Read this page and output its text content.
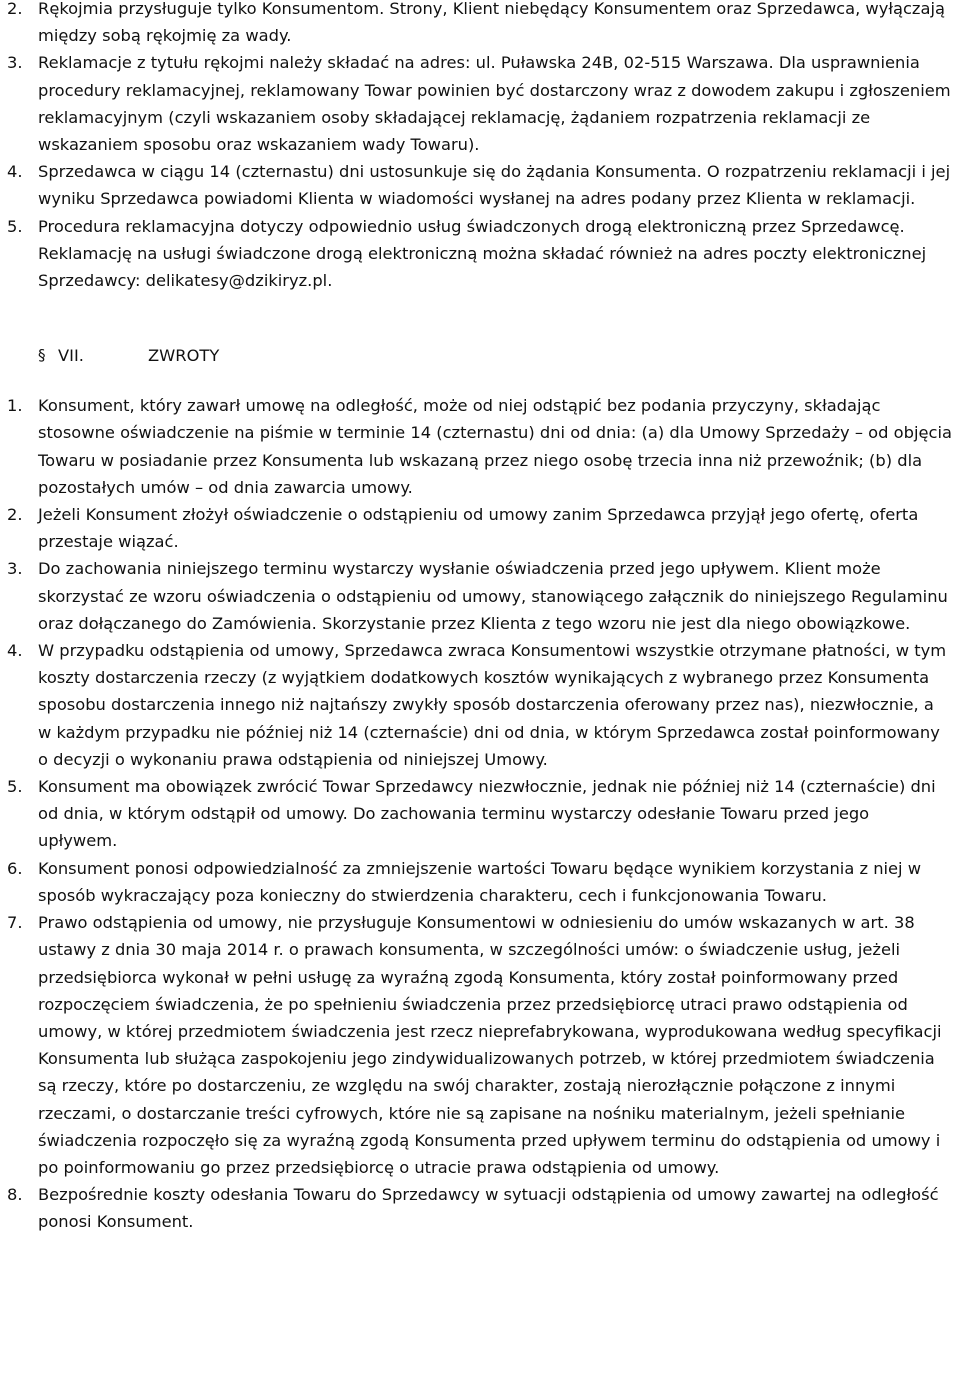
2. Rękojmia przysługuje tylko Konsumentom. Strony, Klient niebędący Konsumentem oraz Sprzedawca, wyłączają między sobą rękojmię za wady.
3. Reklamacje z tytułu rękojmi należy składać na adres: ul. Puławska 24B, 02-515 Warszawa. Dla usprawnienia procedury reklamacyjnej, reklamowany Towar powinien być dostarczony wraz z dowodem zakupu i zgłoszeniem reklamacyjnym (czyli wskazaniem osoby składającej reklamację, żądaniem rozpatrzenia reklamacji ze wskazaniem sposobu oraz wskazaniem wady Towaru).
4. Sprzedawca w ciągu 14 (czternastu) dni ustosunkuje się do żądania Konsumenta. O rozpatrzeniu reklamacji i jej wyniku Sprzedawca powiadomi Klienta w wiadomości wysłanej na adres podany przez Klienta w reklamacji.
5. Procedura reklamacyjna dotyczy odpowiednio usług świadczonych drogą elektroniczną przez Sprzedawcę. Reklamację na usługi świadczone drogą elektroniczną można składać również na adres poczty elektronicznej Sprzedawcy: delikatesy@dzikiryz.pl.
§ VII.	ZWROTY
1. Konsument, który zawarł umowę na odległość, może od niej odstąpić bez podania przyczyny, składając stosowne oświadczenie na piśmie w terminie 14 (czternastu) dni od dnia: (a) dla Umowy Sprzedaży – od objęcia Towaru w posiadanie przez Konsumenta lub wskazaną przez niego osobę trzecia inna niż przewoźnik; (b) dla pozostałych umów – od dnia zawarcia umowy.
2. Jeżeli Konsument złożył oświadczenie o odstąpieniu od umowy zanim Sprzedawca przyjął jego ofertę, oferta przestaje wiązać.
3. Do zachowania niniejszego terminu wystarczy wysłanie oświadczenia przed jego upływem. Klient może skorzystać ze wzoru oświadczenia o odstąpieniu od umowy, stanowiącego załącznik do niniejszego Regulaminu oraz dołączanego do Zamówienia. Skorzystanie przez Klienta z tego wzoru nie jest dla niego obowiązkowe.
4. W przypadku odstąpienia od umowy, Sprzedawca zwraca Konsumentowi wszystkie otrzymane płatności, w tym koszty dostarczenia rzeczy (z wyjątkiem dodatkowych kosztów wynikających z wybranego przez Konsumenta sposobu dostarczenia innego niż najtańszy zwykły sposób dostarczenia oferowany przez nas), niezwłocznie, a w każdym przypadku nie później niż 14 (czternaście) dni od dnia, w którym Sprzedawca został poinformowany o decyzji o wykonaniu prawa odstąpienia od niniejszej Umowy.
5. Konsument ma obowiązek zwrócić Towar Sprzedawcy niezwłocznie, jednak nie później niż 14 (czternaście) dni od dnia, w którym odstąpił od umowy. Do zachowania terminu wystarczy odesłanie Towaru przed jego upływem.
6. Konsument ponosi odpowiedzialność za zmniejszenie wartości Towaru będące wynikiem korzystania z niej w sposób wykraczający poza konieczny do stwierdzenia charakteru, cech i funkcjonowania Towaru.
7. Prawo odstąpienia od umowy, nie przysługuje Konsumentowi w odniesieniu do umów wskazanych w art. 38 ustawy z dnia 30 maja 2014 r. o prawach konsumenta, w szczególności umów: o świadczenie usług, jeżeli przedsiębiorca wykonał w pełni usługę za wyraźną zgodą Konsumenta, który został poinformowany przed rozpoczęciem świadczenia, że po spełnieniu świadczenia przez przedsiębiorcę utraci prawo odstąpienia od umowy, w której przedmiotem świadczenia jest rzecz nieprefabrykowana, wyprodukowana według specyfikacji Konsumenta lub służąca zaspokojeniu jego zindywidualizowanych potrzeb, w której przedmiotem świadczenia są rzeczy, które po dostarczeniu, ze względu na swój charakter, zostają nierozłącznie połączone z innymi rzeczami, o dostarczanie treści cyfrowych, które nie są zapisane na nośniku materialnym, jeżeli spełnianie świadczenia rozpoczęło się za wyraźną zgodą Konsumenta przed upływem terminu do odstąpienia od umowy i po poinformowaniu go przez przedsiębiorcę o utracie prawa odstąpienia od umowy.
8. Bezpośrednie koszty odesłania Towaru do Sprzedawcy w sytuacji odstąpienia od umowy zawartej na odległość ponosi Konsument.
